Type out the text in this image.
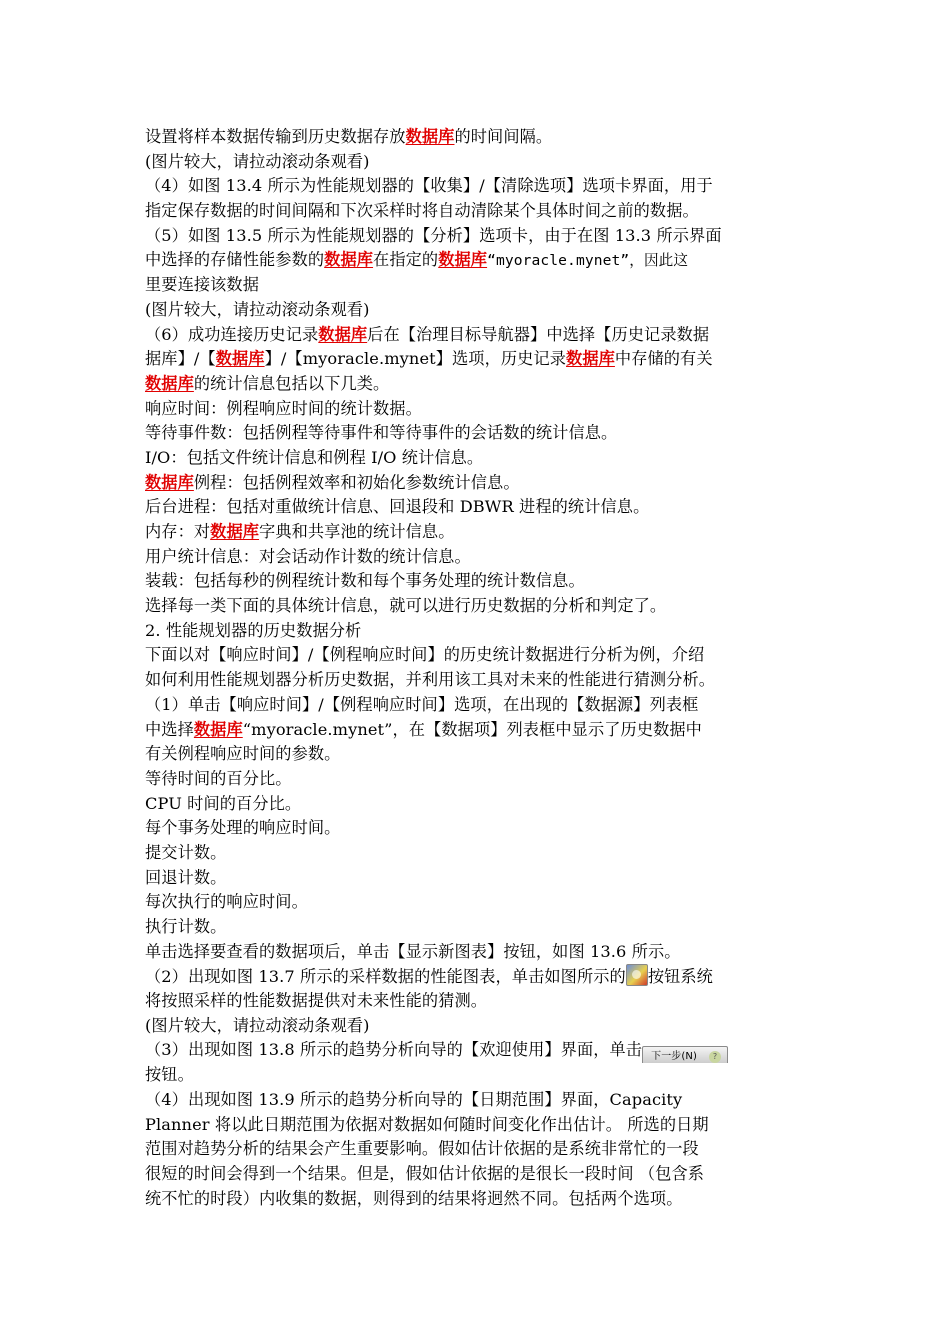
设置将样本数据传输到历史数据存放数据库的时间间隔。
(图片较大，请拉动滚动条观看)
（4）如图 13.4 所示为性能规划器的【收集】/【清除选项】选项卡界面，用于
指定保存数据的时间间隔和下次采样时将自动清除某个具体时间之前的数据。
（5）如图 13.5 所示为性能规划器的【分析】选项卡，由于在图 13.3 所示界面
中选择的存储性能参数的数据库在指定的数据库“myoracle.mynet”，因此这
里要连接该数据
(图片较大，请拉动滚动条观看)
（6）成功连接历史记录数据库后在【治理目标导航器】中选择【历史记录数据
据库】/【数据库】/【myoracle.mynet】选项，历史记录数据库中存储的有关
数据库的统计信息包括以下几类。
响应时间：例程响应时间的统计数据。
等待事件数：包括例程等待事件和等待事件的会话数的统计信息。
I/O：包括文件统计信息和例程 I/O 统计信息。
数据库例程：包括例程效率和初始化参数统计信息。
后台进程：包括对重做统计信息、回退段和 DBWR 进程的统计信息。
内存：对数据库字典和共享池的统计信息。
用户统计信息：对会话动作计数的统计信息。
装载：包括每秒的例程统计数和每个事务处理的统计数信息。
选择每一类下面的具体统计信息，就可以进行历史数据的分析和判定了。
2. 性能规划器的历史数据分析
下面以对【响应时间】/【例程响应时间】的历史统计数据进行分析为例，介绍
如何利用性能规划器分析历史数据，并利用该工具对未来的性能进行猜测分析。
（1）单击【响应时间】/【例程响应时间】选项，在出现的【数据源】列表框
中选择数据库“myoracle.mynet”，在【数据项】列表框中显示了历史数据中
有关例程响应时间的参数。
等待时间的百分比。
CPU 时间的百分比。
每个事务处理的响应时间。
提交计数。
回退计数。
每次执行的响应时间。
执行计数。
单击选择要查看的数据项后，单击【显示新图表】按钮，如图 13.6 所示。
（2）出现如图 13.7 所示的采样数据的性能图表，单击如图所示的 按钮系统
将按照采样的性能数据提供对未来性能的猜测。
(图片较大，请拉动滚动条观看)
（3）出现如图 13.8 所示的趋势分析向导的【欢迎使用】界面，单击 下一步(N)	?
按钮。
（4）出现如图 13.9 所示的趋势分析向导的【日期范围】界面，Capacity
Planner 将以此日期范围为依据对数据如何随时间变化作出估计。 所选的日期
范围对趋势分析的结果会产生重要影响。假如估计依据的是系统非常忙的一段
很短的时间会得到一个结果。但是，假如估计依据的是很长一段时间 （包含系
统不忙的时段）内收集的数据，则得到的结果将迥然不同。包括两个选项。
